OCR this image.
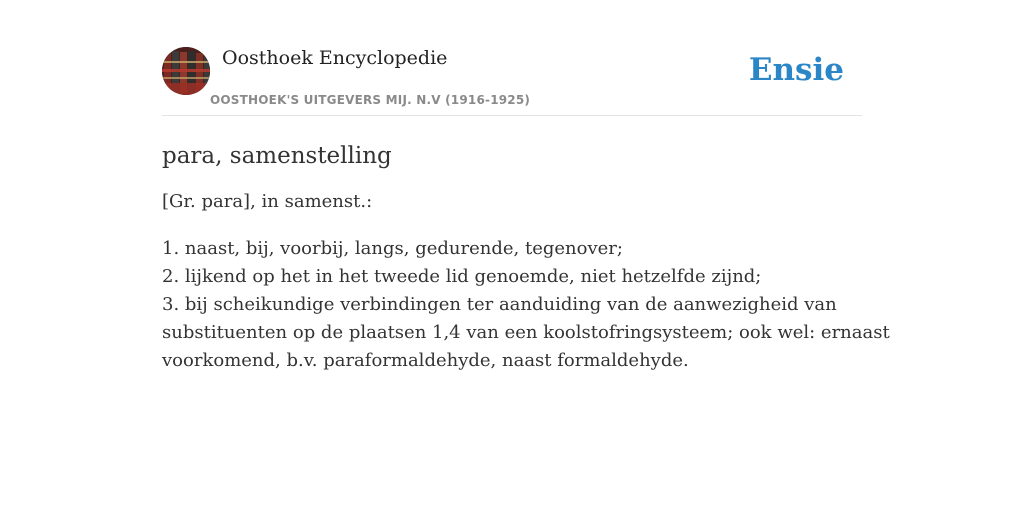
Oosthoek Encyclopedie
OOSTHOEK'S UITGEVERS MIJ. N.V (1916-1925)
Ensie
para, samenstelling

[Gr. para], in samenst.:

1. naast, bij, voorbij, langs, gedurende, tegenover;
2. lijkend op het in het tweede lid genoemde, niet hetzelfde zijnd;
3. bij scheikundige verbindingen ter aanduiding van de aanwezigheid van
substituenten op de plaatsen 1,4 van een koolstofringsysteem; ook wel: ernaast
voorkomend, b.v. paraformaldehyde, naast formaldehyde.
